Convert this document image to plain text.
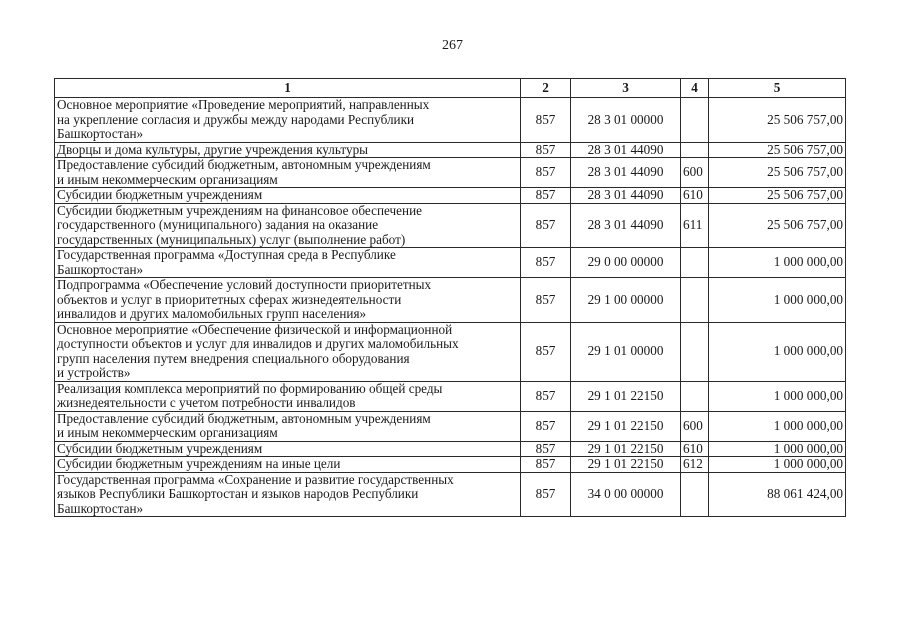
267
1	2	3	4	5
Основное мероприятие «Проведение мероприятий, направленных
на укрепление согласия и дружбы между народами Республики
Башкортостан»	857	28 3 01 00000		25 506 757,00
Дворцы и дома культуры, другие учреждения культуры	857	28 3 01 44090		25 506 757,00
Предоставление субсидий бюджетным, автономным учреждениям
и иным некоммерческим организациям	857	28 3 01 44090	600	25 506 757,00
Субсидии бюджетным учреждениям	857	28 3 01 44090	610	25 506 757,00
Субсидии бюджетным учреждениям на финансовое обеспечение
государственного (муниципального) задания на оказание
государственных (муниципальных) услуг (выполнение работ)	857	28 3 01 44090	611	25 506 757,00
Государственная программа «Доступная среда в Республике
Башкортостан»	857	29 0 00 00000		1 000 000,00
Подпрограмма «Обеспечение условий доступности приоритетных
объектов и услуг в приоритетных сферах жизнедеятельности
инвалидов и других маломобильных групп населения»	857	29 1 00 00000		1 000 000,00
Основное мероприятие «Обеспечение физической и информационной
доступности объектов и услуг для инвалидов и других маломобильных
групп населения путем внедрения специального оборудования
и устройств»	857	29 1 01 00000		1 000 000,00
Реализация комплекса мероприятий по формированию общей среды
жизнедеятельности с учетом потребности инвалидов	857	29 1 01 22150		1 000 000,00
Предоставление субсидий бюджетным, автономным учреждениям
и иным некоммерческим организациям	857	29 1 01 22150	600	1 000 000,00
Субсидии бюджетным учреждениям	857	29 1 01 22150	610	1 000 000,00
Субсидии бюджетным учреждениям на иные цели	857	29 1 01 22150	612	1 000 000,00
Государственная программа «Сохранение и развитие государственных
языков Республики Башкортостан и языков народов Республики
Башкортостан»	857	34 0 00 00000		88 061 424,00
